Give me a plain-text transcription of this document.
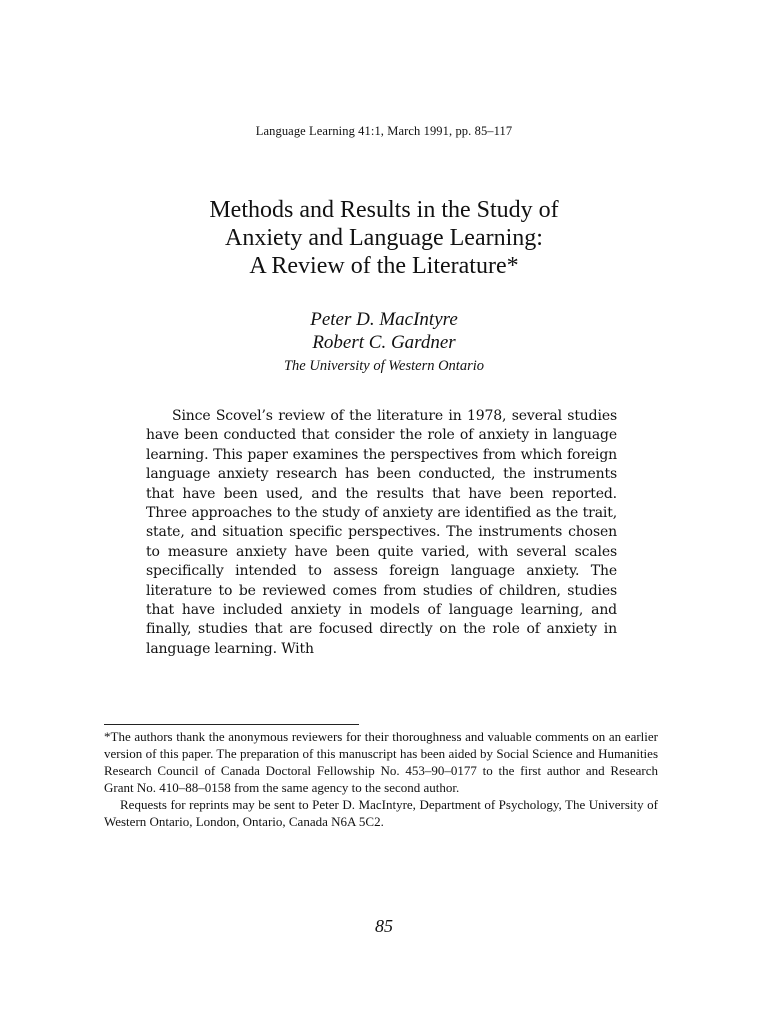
Language Learning 41:1, March 1991, pp. 85–117
Methods and Results in the Study of
Anxiety and Language Learning:
A Review of the Literature*
Peter D. MacIntyre
Robert C. Gardner
The University of Western Ontario

Since Scovel’s review of the literature in 1978, several studies have been conducted that consider the role of anxiety in language learning. This paper examines the perspectives from which foreign language anxiety research has been conducted, the instruments that have been used, and the results that have been reported. Three approaches to the study of anxiety are identified as the trait, state, and situation specific perspectives. The instruments chosen to measure anxiety have been quite varied, with several scales specifically intended to assess foreign language anxiety. The literature to be reviewed comes from studies of children, studies that have included anxiety in models of language learning, and finally, studies that are focused directly on the role of anxiety in language learning. With

*The authors thank the anonymous reviewers for their thoroughness and valuable comments on an earlier version of this paper. The preparation of this manuscript has been aided by Social Science and Humanities Research Council of Canada Doctoral Fellowship No. 453–90–0177 to the first author and Research Grant No. 410–88–0158 from the same agency to the second author.

Requests for reprints may be sent to Peter D. MacIntyre, Department of Psychology, The University of Western Ontario, London, Ontario, Canada N6A 5C2.

85
